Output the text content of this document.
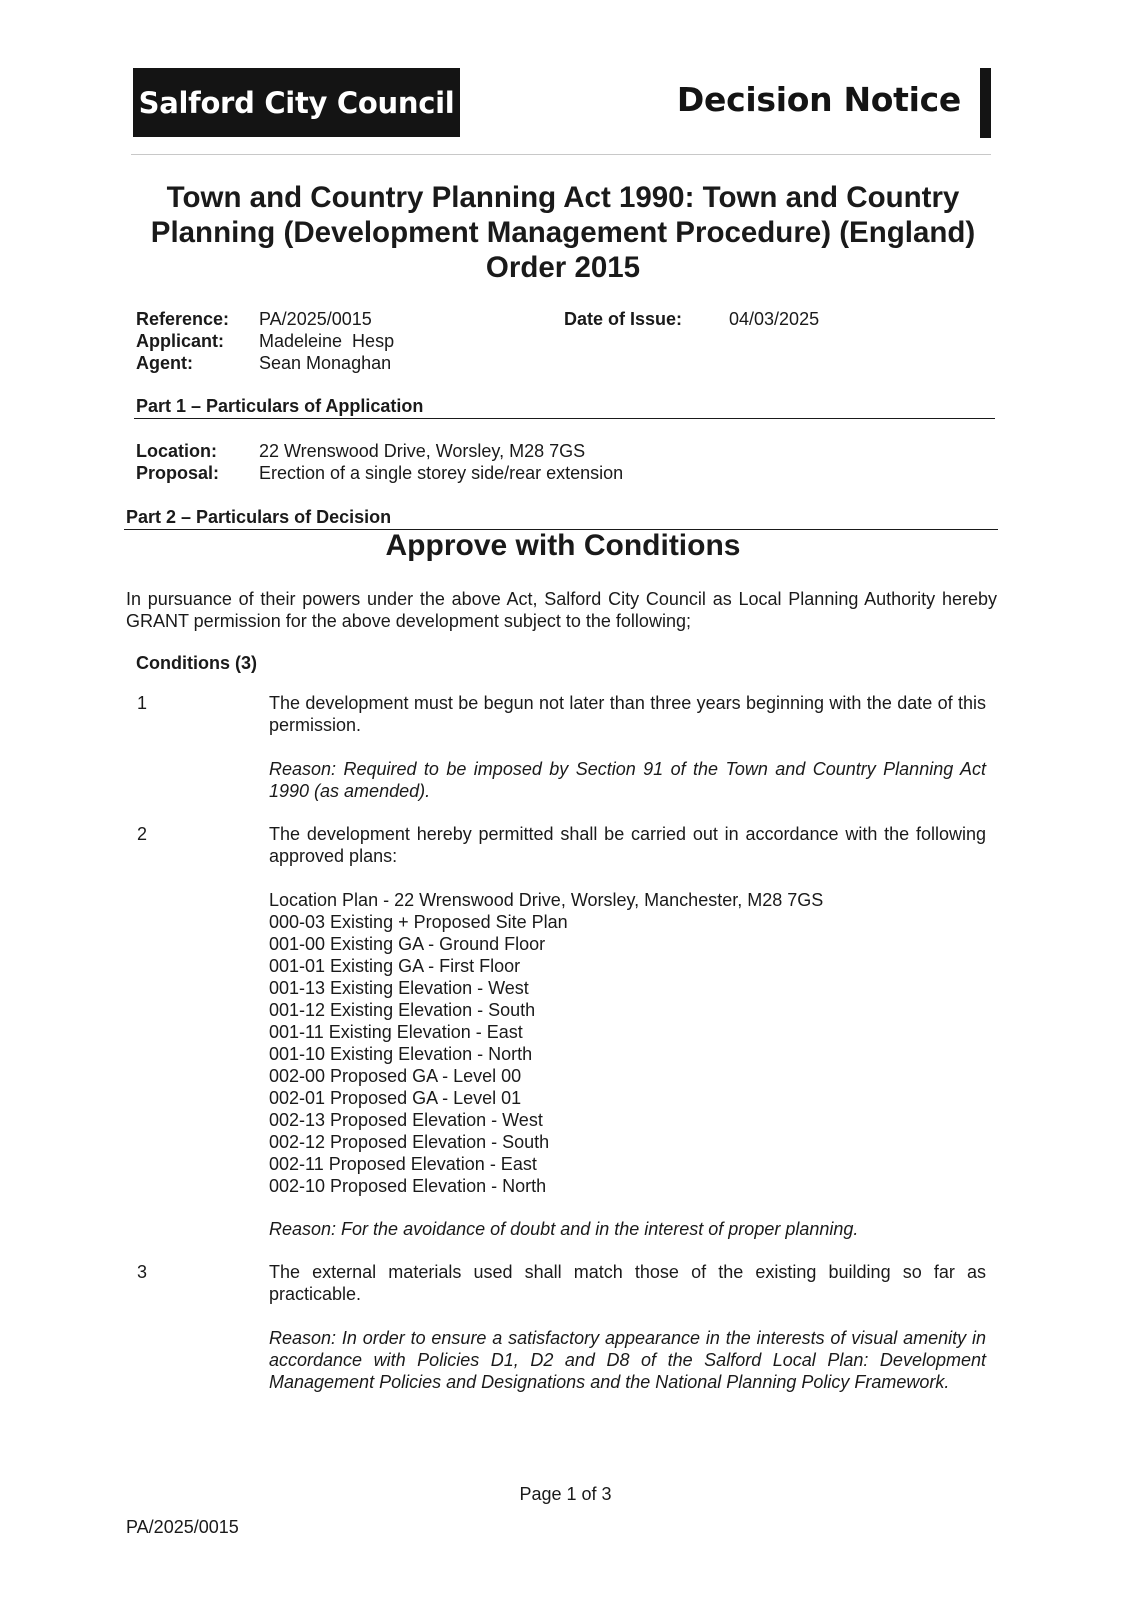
Salford City Council	Decision Notice
Town and Country Planning Act 1990: Town and Country Planning (Development Management Procedure) (England) Order 2015
Reference: PA/2025/0015	Date of Issue:	04/03/2025
Applicant: Madeleine  Hesp
Agent:	Sean Monaghan
Part 1 – Particulars of Application
Location: 22 Wrenswood Drive, Worsley, M28 7GS
Proposal: Erection of a single storey side/rear extension
Part 2 – Particulars of Decision
Approve with Conditions
In pursuance of their powers under the above Act, Salford City Council as Local Planning Authority hereby GRANT permission for the above development subject to the following;
Conditions (3)
1	The development must be begun not later than three years beginning with the date of this permission.
Reason: Required to be imposed by Section 91 of the Town and Country Planning Act 1990 (as amended).
2	The development hereby permitted shall be carried out in accordance with the following approved plans:
Location Plan - 22 Wrenswood Drive, Worsley, Manchester, M28 7GS
000-03 Existing + Proposed Site Plan
001-00 Existing GA - Ground Floor
001-01 Existing GA - First Floor
001-13 Existing Elevation - West
001-12 Existing Elevation - South
001-11 Existing Elevation - East
001-10 Existing Elevation - North
002-00 Proposed GA - Level 00
002-01 Proposed GA - Level 01
002-13 Proposed Elevation - West
002-12 Proposed Elevation - South
002-11 Proposed Elevation - East
002-10 Proposed Elevation - North
Reason: For the avoidance of doubt and in the interest of proper planning.
3	The external materials used shall match those of the existing building so far as practicable.
Reason: In order to ensure a satisfactory appearance in the interests of visual amenity in accordance with Policies D1, D2 and D8 of the Salford Local Plan: Development Management Policies and Designations and the National Planning Policy Framework.
Page 1 of 3
PA/2025/0015
